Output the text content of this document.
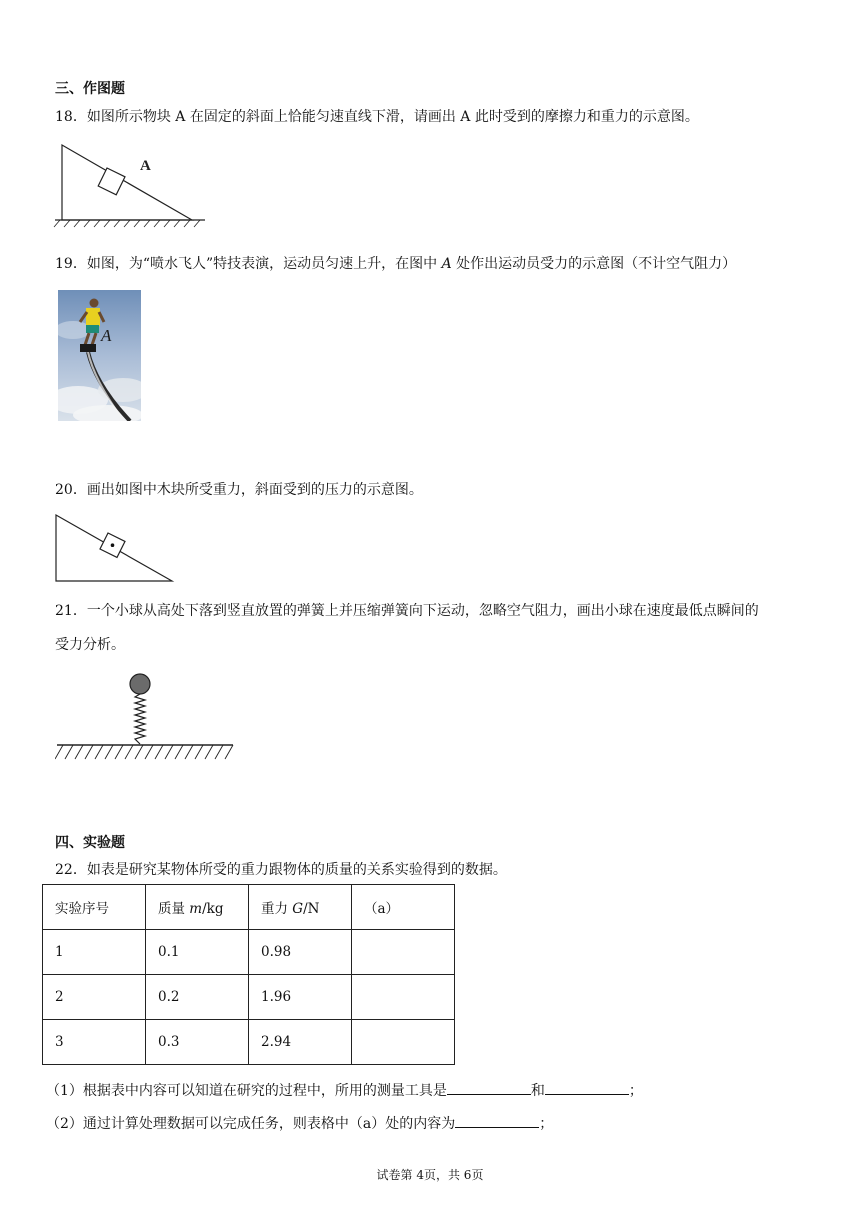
三、作图题
18．如图所示物块 A 在固定的斜面上恰能匀速直线下滑，请画出 A 此时受到的摩擦力和重力的示意图。
A
19．如图，为“喷水飞人”特技表演，运动员匀速上升，在图中 A 处作出运动员受力的示意图（不计空气阻力）
A
20．画出如图中木块所受重力，斜面受到的压力的示意图。
21．一个小球从高处下落到竖直放置的弹簧上并压缩弹簧向下运动，忽略空气阻力，画出小球在速度最低点瞬间的
受力分析。
四、实验题
22．如表是研究某物体所受的重力跟物体的质量的关系实验得到的数据。
实验序号	质量 m/kg	重力 G/N	（a）
1	0.1	0.98	
2	0.2	1.96	
3	0.3	2.94	
（1）根据表中内容可以知道在研究的过程中，所用的测量工具是	和	；
（2）通过计算处理数据可以完成任务，则表格中（a）处的内容为	；
试卷第 4页，共 6页
